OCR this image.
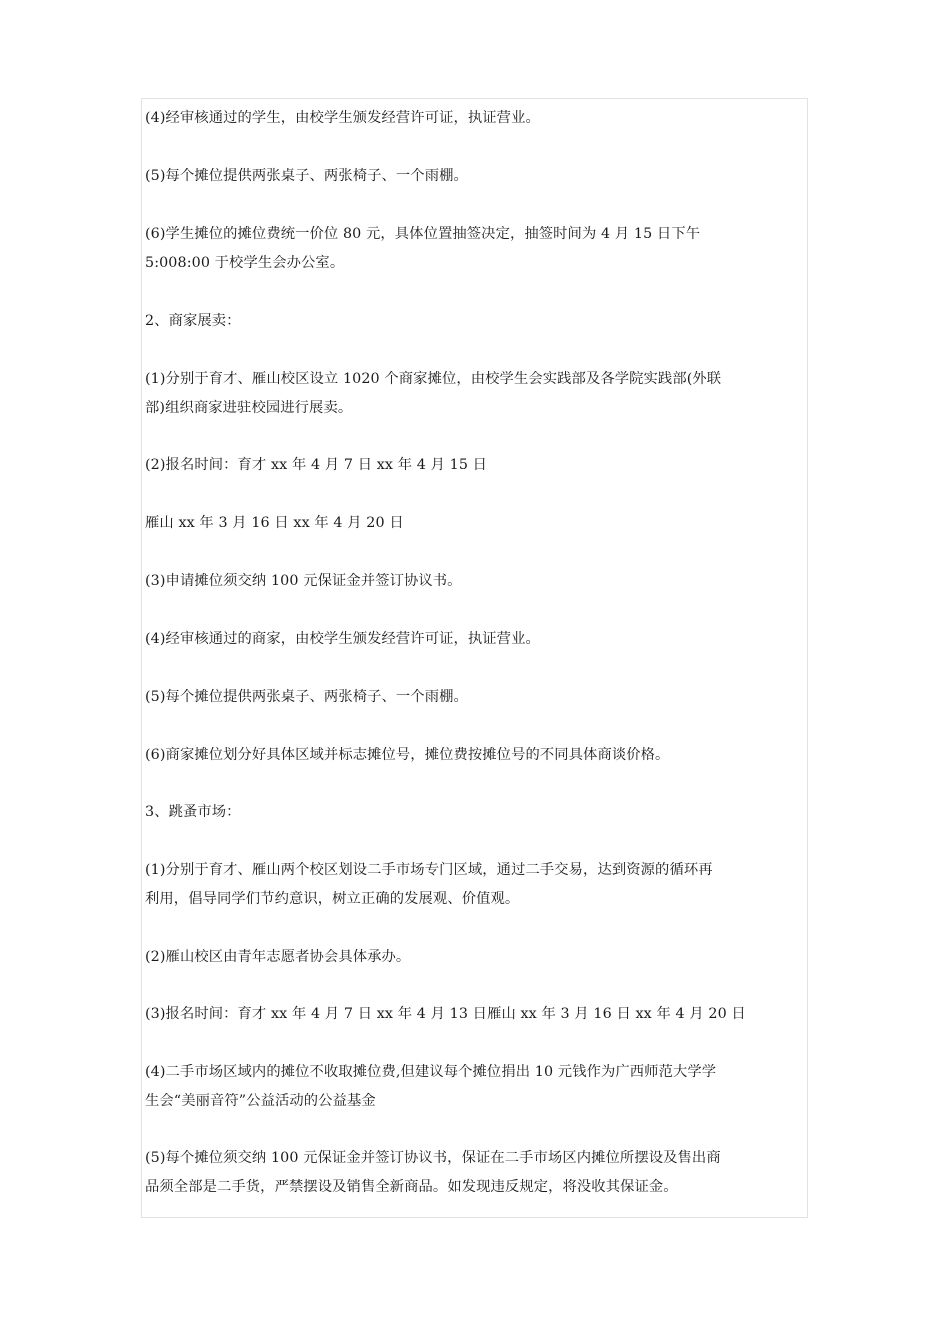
(4)经审核通过的学生，由校学生颁发经营许可证，执证营业。

(5)每个摊位提供两张桌子、两张椅子、一个雨棚。

(6)学生摊位的摊位费统一价位 80 元，具体位置抽签决定，抽签时间为 4 月 15 日下午
5:008:00 于校学生会办公室。

2、商家展卖：

(1)分别于育才、雁山校区设立 1020 个商家摊位，由校学生会实践部及各学院实践部(外联
部)组织商家进驻校园进行展卖。

(2)报名时间：育才 xx 年 4 月 7 日 xx 年 4 月 15 日

雁山 xx 年 3 月 16 日 xx 年 4 月 20 日

(3)申请摊位须交纳 100 元保证金并签订协议书。

(4)经审核通过的商家，由校学生颁发经营许可证，执证营业。

(5)每个摊位提供两张桌子、两张椅子、一个雨棚。

(6)商家摊位划分好具体区域并标志摊位号，摊位费按摊位号的不同具体商谈价格。

3、跳蚤市场：

(1)分别于育才、雁山两个校区划设二手市场专门区域，通过二手交易，达到资源的循环再
利用，倡导同学们节约意识，树立正确的发展观、价值观。

(2)雁山校区由青年志愿者协会具体承办。

(3)报名时间：育才 xx 年 4 月 7 日 xx 年 4 月 13 日雁山 xx 年 3 月 16 日 xx 年 4 月 20 日

(4)二手市场区域内的摊位不收取摊位费,但建议每个摊位捐出 10 元钱作为广西师范大学学
生会“美丽音符”公益活动的公益基金

(5)每个摊位须交纳 100 元保证金并签订协议书，保证在二手市场区内摊位所摆设及售出商
品须全部是二手货，严禁摆设及销售全新商品。如发现违反规定，将没收其保证金。
